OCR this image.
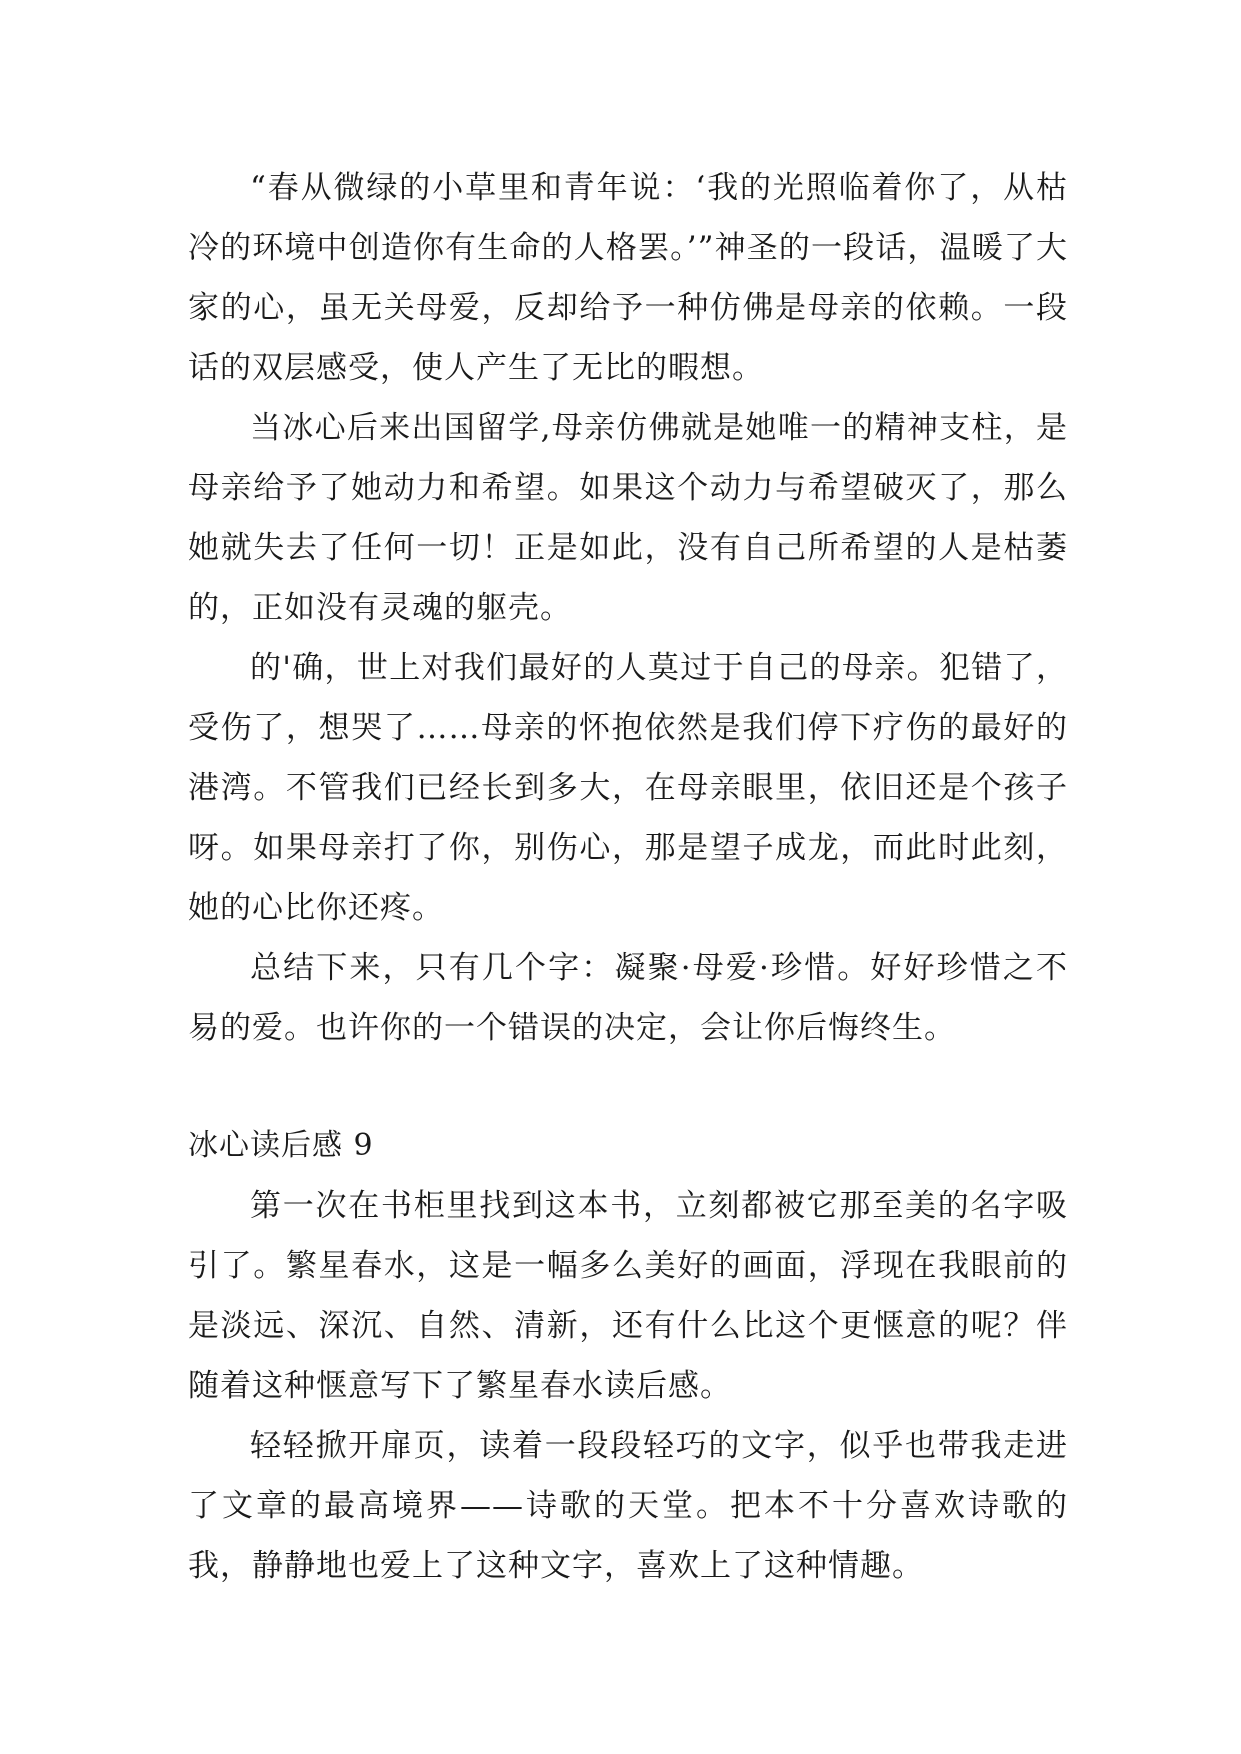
“春从微绿的小草里和青年说：‘我的光照临着你了，从枯冷的环境中创造你有生命的人格罢。’”神圣的一段话，温暖了大家的心，虽无关母爱，反却给予一种仿佛是母亲的依赖。一段话的双层感受，使人产生了无比的暇想。

当冰心后来出国留学,母亲仿佛就是她唯一的精神支柱，是母亲给予了她动力和希望。如果这个动力与希望破灭了，那么她就失去了任何一切！正是如此，没有自己所希望的人是枯萎的，正如没有灵魂的躯壳。

的'确，世上对我们最好的人莫过于自己的母亲。犯错了，受伤了，想哭了……母亲的怀抱依然是我们停下疗伤的最好的港湾。不管我们已经长到多大，在母亲眼里，依旧还是个孩子呀。如果母亲打了你，别伤心，那是望子成龙，而此时此刻，她的心比你还疼。

总结下来，只有几个字：凝聚·母爱·珍惜。好好珍惜之不易的爱。也许你的一个错误的决定，会让你后悔终生。

冰心读后感 9

第一次在书柜里找到这本书，立刻都被它那至美的名字吸引了。繁星春水，这是一幅多么美好的画面，浮现在我眼前的是淡远、深沉、自然、清新，还有什么比这个更惬意的呢？伴随着这种惬意写下了繁星春水读后感。

轻轻掀开扉页，读着一段段轻巧的文字，似乎也带我走进了文章的最高境界——诗歌的天堂。把本不十分喜欢诗歌的我，静静地也爱上了这种文字，喜欢上了这种情趣。
